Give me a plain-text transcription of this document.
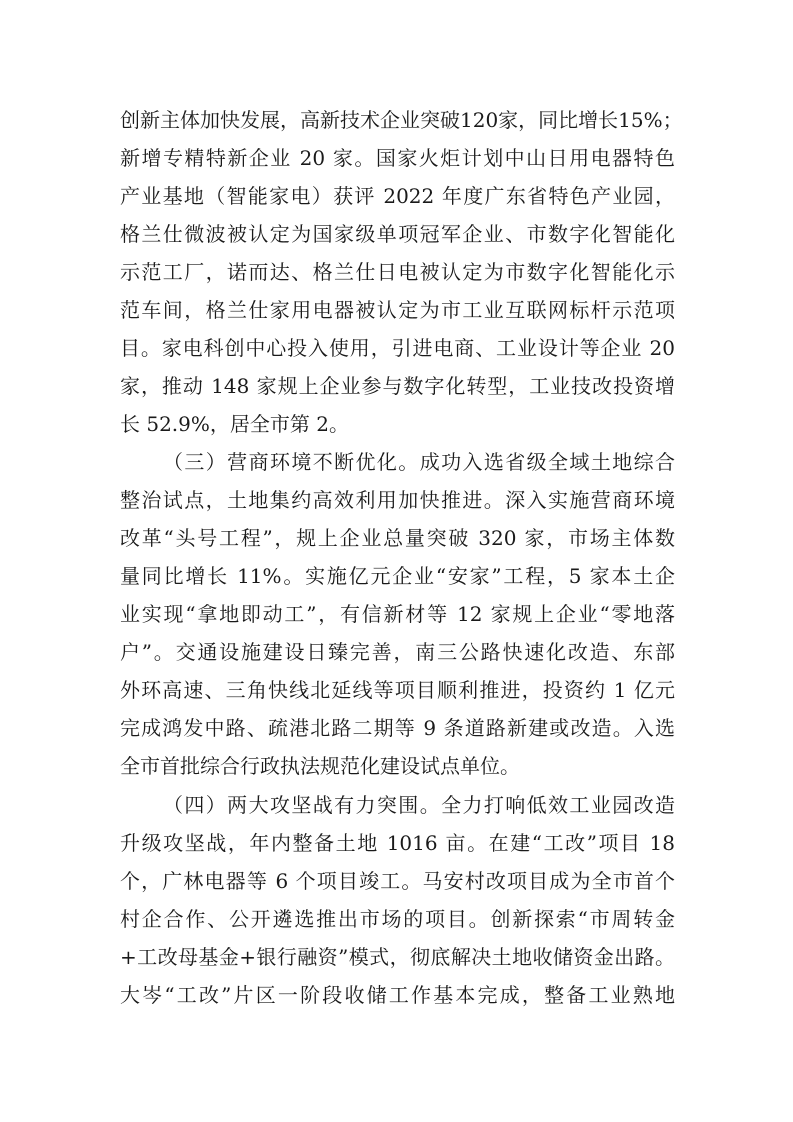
创新主体加快发展，高新技术企业突破120家，同比增长15%；
新增专精特新企业 20 家。国家火炬计划中山日用电器特色
产业基地（智能家电）获评 2022 年度广东省特色产业园，
格兰仕微波被认定为国家级单项冠军企业、市数字化智能化
示范工厂，诺而达、格兰仕日电被认定为市数字化智能化示
范车间，格兰仕家用电器被认定为市工业互联网标杆示范项
目。家电科创中心投入使用，引进电商、工业设计等企业 20
家，推动 148 家规上企业参与数字化转型，工业技改投资增
长 52.9%，居全市第 2。
（三）营商环境不断优化。成功入选省级全域土地综合
整治试点，土地集约高效利用加快推进。深入实施营商环境
改革“头号工程”，规上企业总量突破 320 家，市场主体数
量同比增长 11%。实施亿元企业“安家”工程，5 家本土企
业实现“拿地即动工”，有信新材等 12 家规上企业“零地落
户”。交通设施建设日臻完善，南三公路快速化改造、东部
外环高速、三角快线北延线等项目顺利推进，投资约 1 亿元
完成鸿发中路、疏港北路二期等 9 条道路新建或改造。入选
全市首批综合行政执法规范化建设试点单位。
（四）两大攻坚战有力突围。全力打响低效工业园改造
升级攻坚战，年内整备土地 1016 亩。在建“工改”项目 18
个，广林电器等 6 个项目竣工。马安村改项目成为全市首个
村企合作、公开遴选推出市场的项目。创新探索“市周转金
+工改母基金+银行融资”模式，彻底解决土地收储资金出路。
大岑“工改”片区一阶段收储工作基本完成，整备工业熟地
